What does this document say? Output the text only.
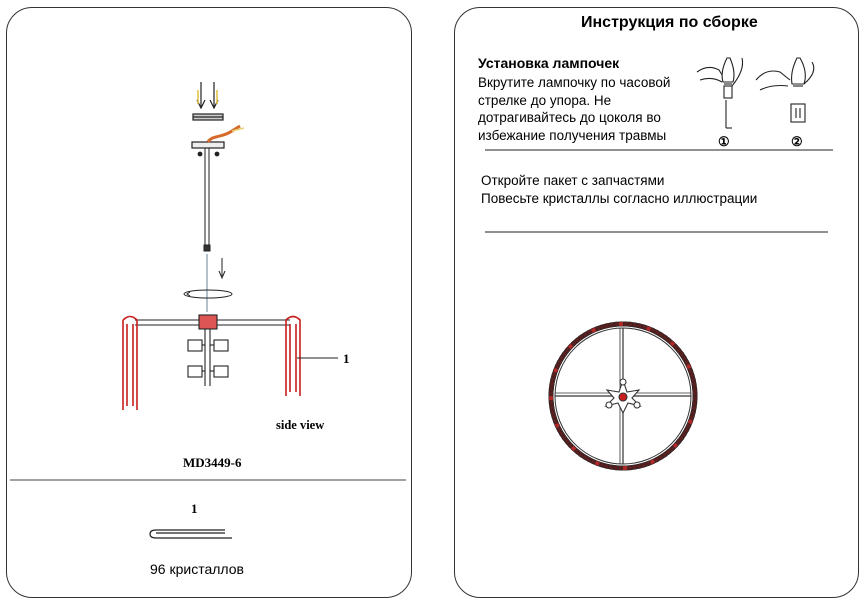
1
side view
MD3449-6
1
96 кристаллов
Инструкция по сборке
Установка лампочек
Вкрутите лампочку по часовой
стрелке до упора. Не
дотрагивайтесь до цоколя во
избежание получения травмы	①	②
Откройте пакет с запчастями
Повесьте кристаллы согласно иллюстрации
